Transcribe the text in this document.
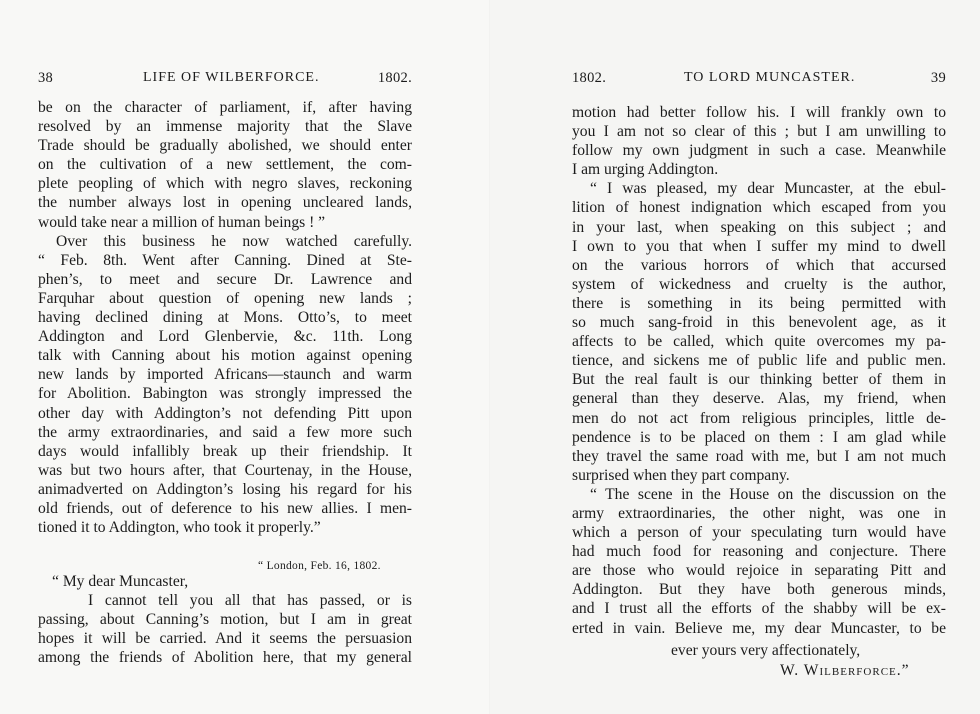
38	LIFE OF WILBERFORCE.	1802.
be on the character of parliament, if, after having
resolved by an immense majority that the Slave
Trade should be gradually abolished, we should enter
on the cultivation of a new settlement, the com-
plete peopling of which with negro slaves, reckoning
the number always lost in opening uncleared lands,
would take near a million of human beings ! ”
Over this business he now watched carefully.
“ Feb. 8th. Went after Canning. Dined at Ste-
phen’s, to meet and secure Dr. Lawrence and
Farquhar about question of opening new lands ;
having declined dining at Mons. Otto’s, to meet
Addington and Lord Glenbervie, &c. 11th. Long
talk with Canning about his motion against opening
new lands by imported Africans—staunch and warm
for Abolition. Babington was strongly impressed the
other day with Addington’s not defending Pitt upon
the army extraordinaries, and said a few more such
days would infallibly break up their friendship. It
was but two hours after, that Courtenay, in the House,
animadverted on Addington’s losing his regard for his
old friends, out of deference to his new allies. I men-
tioned it to Addington, who took it properly.”
“ London, Feb. 16, 1802.
“ My dear Muncaster,
I cannot tell you all that has passed, or is
passing, about Canning’s motion, but I am in great
hopes it will be carried. And it seems the persuasion
among the friends of Abolition here, that my general
1802.	TO LORD MUNCASTER.	39
motion had better follow his. I will frankly own to
you I am not so clear of this ; but I am unwilling to
follow my own judgment in such a case. Meanwhile
I am urging Addington.
“ I was pleased, my dear Muncaster, at the ebul-
lition of honest indignation which escaped from you
in your last, when speaking on this subject ; and
I own to you that when I suffer my mind to dwell
on the various horrors of which that accursed
system of wickedness and cruelty is the author,
there is something in its being permitted with
so much sang-froid in this benevolent age, as it
affects to be called, which quite overcomes my pa-
tience, and sickens me of public life and public men.
But the real fault is our thinking better of them in
general than they deserve. Alas, my friend, when
men do not act from religious principles, little de-
pendence is to be placed on them : I am glad while
they travel the same road with me, but I am not much
surprised when they part company.
“ The scene in the House on the discussion on the
army extraordinaries, the other night, was one in
which a person of your speculating turn would have
had much food for reasoning and conjecture. There
are those who would rejoice in separating Pitt and
Addington. But they have both generous minds,
and I trust all the efforts of the shabby will be ex-
erted in vain. Believe me, my dear Muncaster, to be
ever yours very affectionately,
W. Wilberforce.”
